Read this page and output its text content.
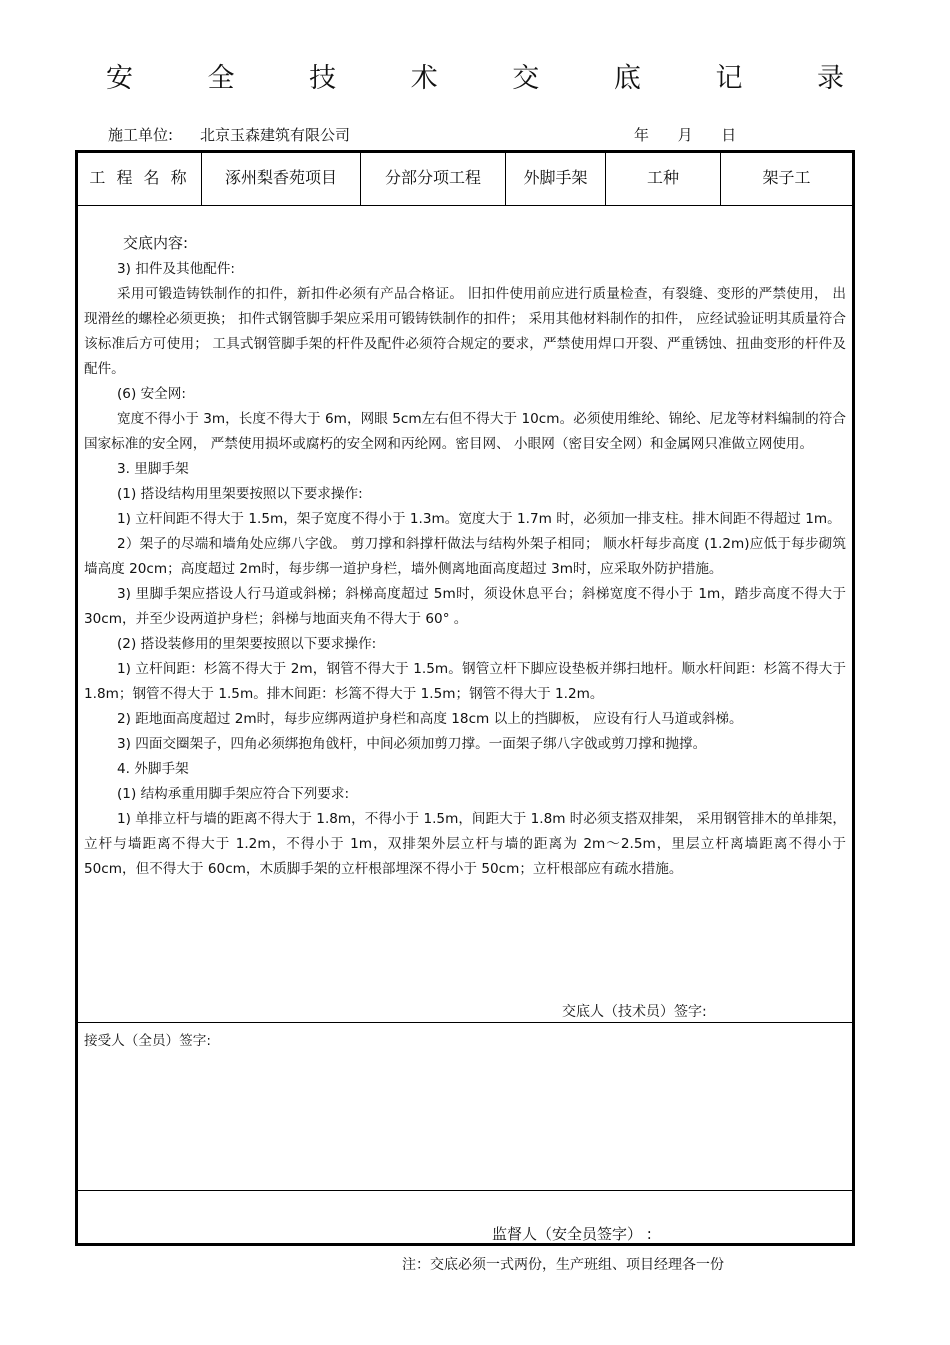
安 全 技 术 交 底 记 录
施工单位: 北京玉森建筑有限公司	年      月      日
工 程 名 称	涿州梨香苑项目	分部分项工程	外脚手架	工种	架子工
交底内容:

3) 扣件及其他配件:

采用可锻造铸铁制作的扣件，新扣件必须有产品合格证。 旧扣件使用前应进行质量检查，有裂缝、变形的严禁使用， 出现滑丝的螺栓必须更换； 扣件式钢管脚手架应采用可锻铸铁制作的扣件； 采用其他材料制作的扣件， 应经试验证明其质量符合该标准后方可使用； 工具式钢管脚手架的杆件及配件必须符合规定的要求，严禁使用焊口开裂、严重锈蚀、扭曲变形的杆件及配件。

(6) 安全网:

宽度不得小于 3m，长度不得大于 6m，网眼 5cm左右但不得大于 10cm。必须使用维纶、锦纶、尼龙等材料编制的符合国家标准的安全网， 严禁使用损坏或腐朽的安全网和丙纶网。密目网、 小眼网（密目安全网）和金属网只准做立网使用。

3. 里脚手架

(1) 搭设结构用里架要按照以下要求操作:

1) 立杆间距不得大于 1.5m，架子宽度不得小于 1.3m。宽度大于 1.7m 时，必须加一排支柱。排木间距不得超过 1m。

2）架子的尽端和墙角处应绑八字戗。 剪刀撑和斜撑杆做法与结构外架子相同； 顺水杆每步高度 (1.2m)应低于每步砌筑墙高度 20cm；高度超过 2m时，每步绑一道护身栏，墙外侧离地面高度超过 3m时，应采取外防护措施。

3) 里脚手架应搭设人行马道或斜梯；斜梯高度超过 5m时，须设休息平台；斜梯宽度不得小于 1m，踏步高度不得大于 30cm，并至少设两道护身栏；斜梯与地面夹角不得大于 60° 。

(2) 搭设装修用的里架要按照以下要求操作:

1) 立杆间距：杉篙不得大于 2m，钢管不得大于 1.5m。钢管立杆下脚应设垫板并绑扫地杆。顺水杆间距：杉篙不得大于 1.8m；钢管不得大于 1.5m。排木间距：杉篙不得大于 1.5m；钢管不得大于 1.2m。

2) 距地面高度超过 2m时，每步应绑两道护身栏和高度 18cm 以上的挡脚板， 应设有行人马道或斜梯。

3) 四面交圈架子，四角必须绑抱角戗杆，中间必须加剪刀撑。一面架子绑八字戗或剪刀撑和抛撑。

4. 外脚手架

(1) 结构承重用脚手架应符合下列要求:

1) 单排立杆与墙的距离不得大于 1.8m，不得小于 1.5m，间距大于 1.8m 时必须支搭双排架， 采用钢管排木的单排架，立杆与墙距离不得大于 1.2m，不得小于 1m，双排架外层立杆与墙的距离为 2m～2.5m，里层立杆离墙距离不得小于 50cm，但不得大于 60cm，木质脚手架的立杆根部埋深不得小于 50cm；立杆根部应有疏水措施。

交底人（技术员）签字:
接受人（全员）签字:
监督人（安全员签字） :
注：交底必须一式两份，生产班组、项目经理各一份
